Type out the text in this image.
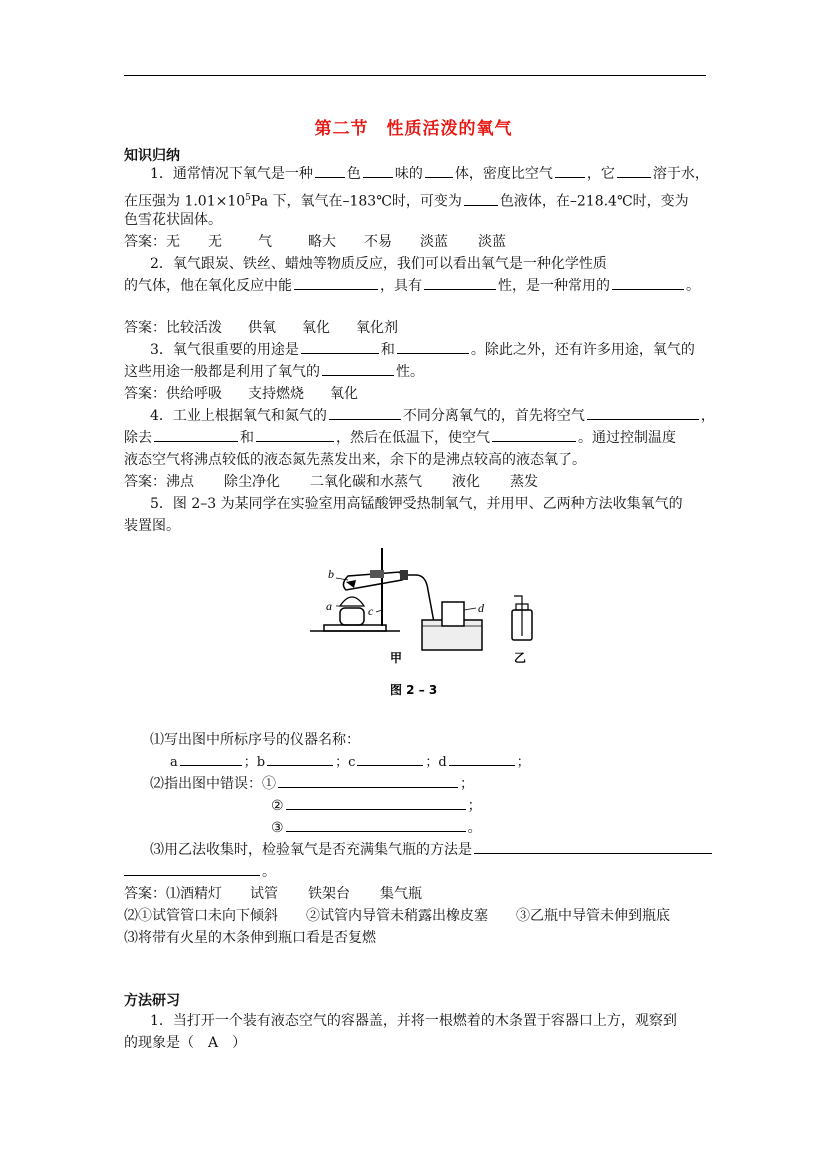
第二节　性质活泼的氧气
知识归纳
1．通常情况下氧气是一种 色 味的 体，密度比空气 ，它	溶于水，
在压强为 $1.01\times 10^5Pa$ 下，氧气在–183℃时，可变为	色液体，在–218.4℃时，变为
色雪花状固体。
答案：无 无	气	略大 不易 淡蓝 淡蓝
2．氧气跟炭、铁丝、蜡烛等物质反应，我们可以看出氧气是一种化学性质
的气体，他在氧化反应中能	，具有	性，是一种常用的	。
答案：比较活泼 供氧 氧化 氧化剂
3．氧气很重要的用途是	和	。除此之外，还有许多用途，氧气的
这些用途一般都是利用了氧气的	性。
答案：供给呼吸 支持燃烧 氧化
4．工业上根据氧气和氮气的	不同分离氧气的，首先将空气	，
除去	和	，然后在低温下，使空气	。通过控制温度
液态空气将沸点较低的液态氮先蒸发出来，余下的是沸点较高的液态氧了。
答案：沸点 除尘净化 二氧化碳和水蒸气 液化 蒸发
5．图 2–3 为某同学在实验室用高锰酸钾受热制氧气，并用甲、乙两种方法收集氧气的
装置图。
b
a	c	d
甲	乙
图 2 – 3
⑴写出图中所标序号的仪器名称：
a	；b	；c	；d	；
⑵指出图中错误：①	；
②	；
③	。
⑶用乙法收集时，检验氧气是否充满集气瓶的方法是
。
答案：⑴酒精灯 试管 铁架台 集气瓶
⑵①试管管口未向下倾斜 ②试管内导管未稍露出橡皮塞 ③乙瓶中导管未伸到瓶底
⑶将带有火星的木条伸到瓶口看是否复燃
方法研习
1．当打开一个装有液态空气的容器盖，并将一根燃着的木条置于容器口上方，观察到
的现象是（　A　）
